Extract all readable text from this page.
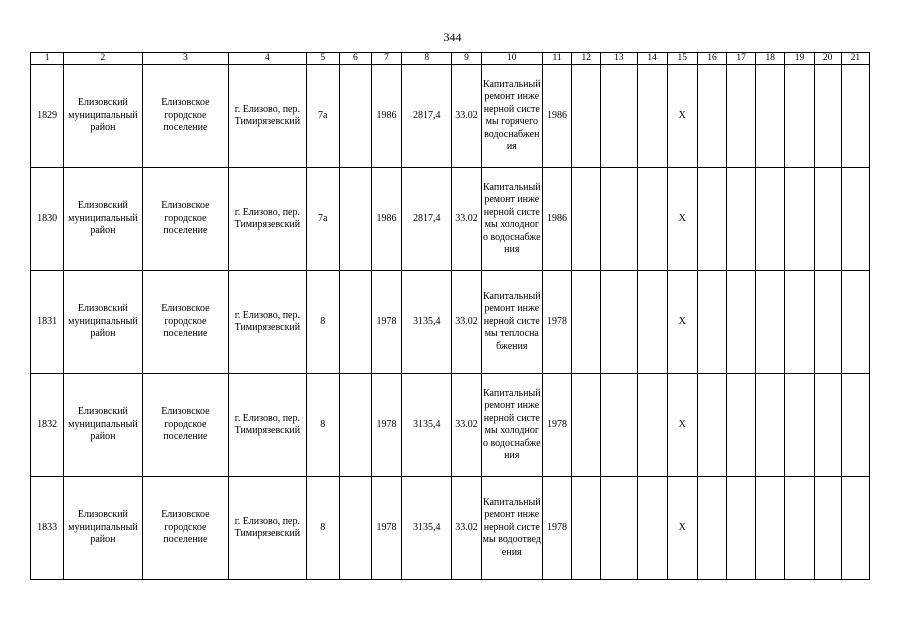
344
1	2	3	4	5	6	7	8	9	10	11	12	13	14	15	16	17	18	19	20	21
1829	Елизовский муниципальный район	Елизовское городское поселение	г. Елизово, пер. Тимирязевский	7а		1986	2817,4	33.02	Капитальный ремонт инженерной системы горячего водоснабжения	1986				X						
1830	Елизовский муниципальный район	Елизовское городское поселение	г. Елизово, пер. Тимирязевский	7а		1986	2817,4	33.02	Капитальный ремонт инженерной системы холодного водоснабжения	1986				X						
1831	Елизовский муниципальный район	Елизовское городское поселение	г. Елизово, пер. Тимирязевский	8		1978	3135,4	33.02	Капитальный ремонт инженерной системы теплоснабжения	1978				X						
1832	Елизовский муниципальный район	Елизовское городское поселение	г. Елизово, пер. Тимирязевский	8		1978	3135,4	33.02	Капитальный ремонт инженерной системы холодного водоснабжения	1978				X						
1833	Елизовский муниципальный район	Елизовское городское поселение	г. Елизово, пер. Тимирязевский	8		1978	3135,4	33.02	Капитальный ремонт инженерной системы водоотведения	1978				X						
